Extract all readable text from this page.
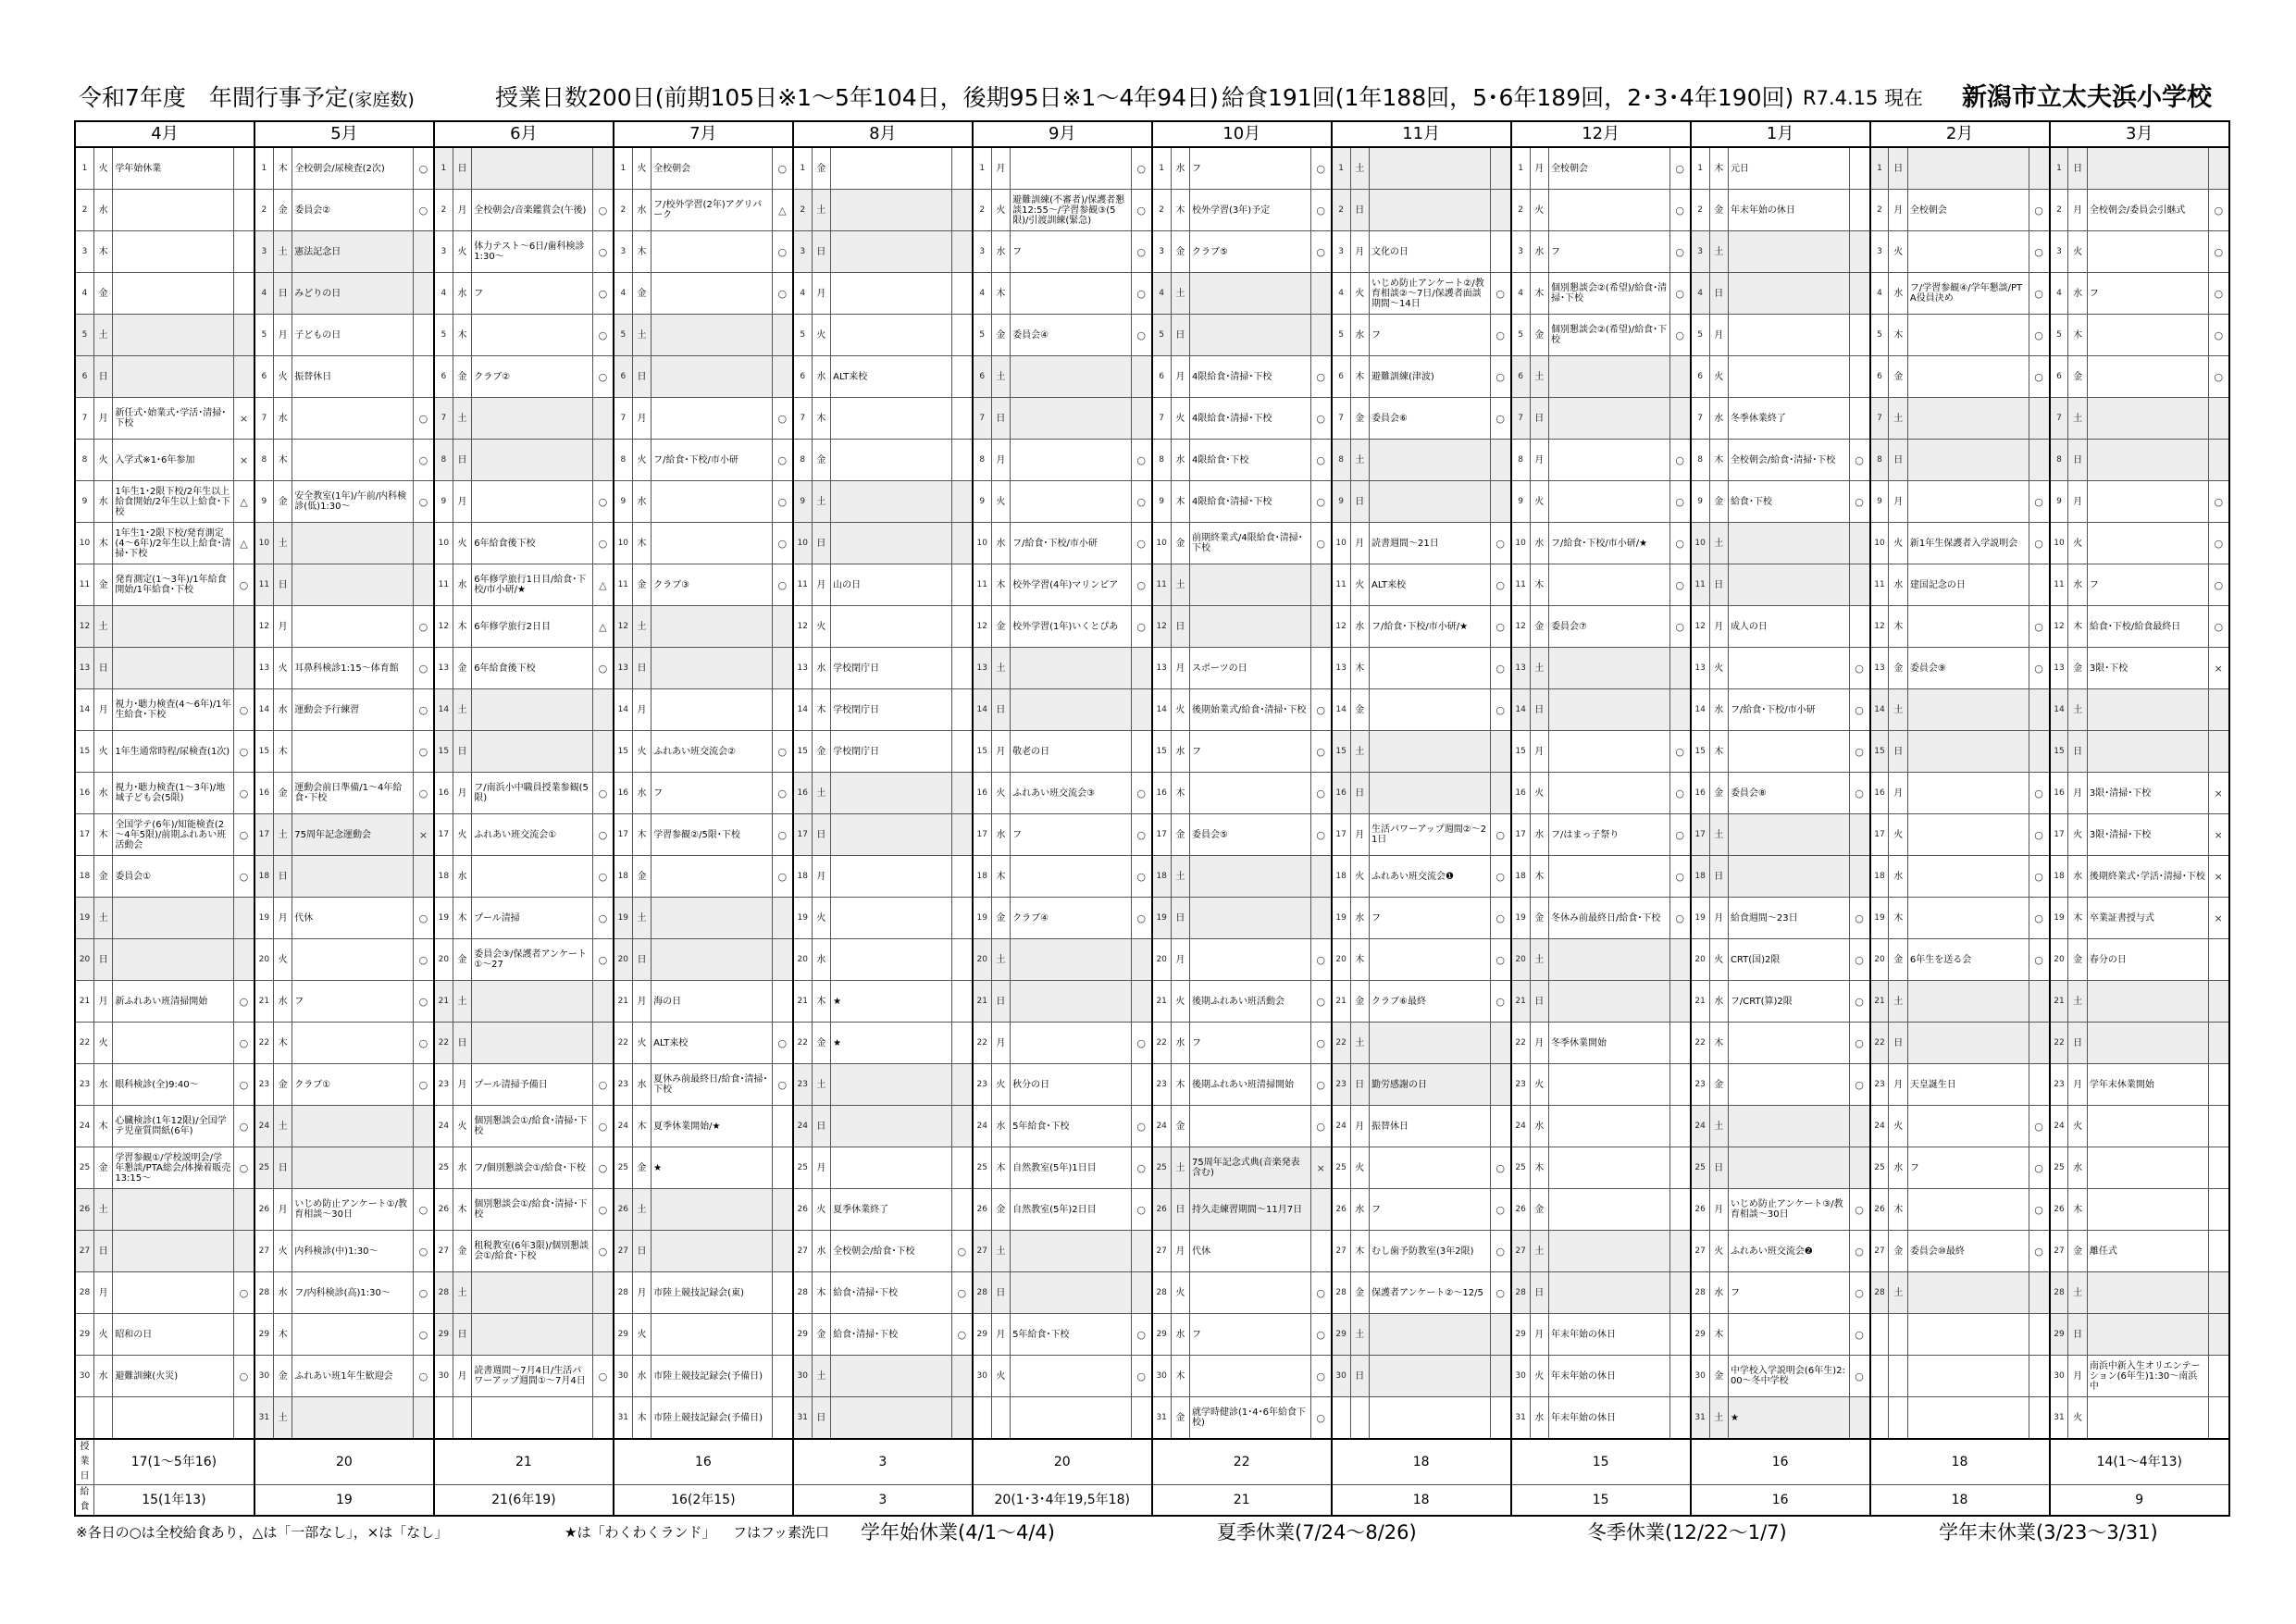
令和7年度　年間行事予定(家庭数)	授業日数200日(前期105日※1～5年104日，後期95日※1～4年94日) 給食191回(1年188回，5･6年189回，2･3･4年190回) R7.4.15 現在 新潟市立太夫浜小学校
4月				5月				6月				7月				8月				9月				10月				11月				12月				1月				2月				3月			
1	火	学年始休業		1	木	全校朝会/尿検査(2次)	○	1	日			1	火	全校朝会	○	1	金			1	月		○	1	水	フ	○	1	土			1	月	全校朝会	○	1	木	元日		1	日			1	日		
2	水			2	金	委員会②	○	2	月	全校朝会/音楽鑑賞会(午後)	○	2	水	フ/校外学習(2年)アグリパーク	△	2	土			2	火	避難訓練(不審者)/保護者懇談12:55～/学習参観③(5限)/引渡訓練(緊急)	○	2	木	校外学習(3年)予定	○	2	日			2	火		○	2	金	年末年始の休日		2	月	全校朝会	○	2	月	全校朝会/委員会引継式	○
3	木			3	土	憲法記念日		3	火	体力テスト～6日/歯科検診1:30～	○	3	木		○	3	日			3	水	フ	○	3	金	クラブ⑤	○	3	月	文化の日		3	水	フ	○	3	土			3	火		○	3	火		○
4	金			4	日	みどりの日		4	水	フ	○	4	金		○	4	月			4	木		○	4	土			4	火	いじめ防止アンケート②/教育相談②～7日/保護者面談期間～14日	○	4	木	個別懇談会②(希望)/給食･清掃･下校	○	4	日			4	水	フ/学習参観④/学年懇談/PTA役員決め	○	4	水	フ	○
5	土			5	月	子どもの日		5	木		○	5	土			5	火			5	金	委員会④	○	5	日			5	水	フ	○	5	金	個別懇談会②(希望)/給食･下校	○	5	月			5	木		○	5	木		○
6	日			6	火	振替休日		6	金	クラブ②	○	6	日			6	水	ALT来校		6	土			6	月	4限給食･清掃･下校	○	6	木	避難訓練(津波)	○	6	土			6	火			6	金		○	6	金		○
7	月	新任式･始業式･学活･清掃･下校	×	7	水		○	7	土			7	月		○	7	木			7	日			7	火	4限給食･清掃･下校	○	7	金	委員会⑥	○	7	日			7	水	冬季休業終了		7	土			7	土		
8	火	入学式※1･6年参加	×	8	木		○	8	日			8	火	フ/給食･下校/市小研	○	8	金			8	月		○	8	水	4限給食･下校	○	8	土			8	月		○	8	木	全校朝会/給食･清掃･下校	○	8	日			8	日		
9	水	1年生1･2限下校/2年生以上給食開始/2年生以上給食･下校	△	9	金	安全教室(1年)/午前/内科検診(低)1:30～	○	9	月		○	9	水		○	9	土			9	火		○	9	木	4限給食･清掃･下校	○	9	日			9	火		○	9	金	給食･下校	○	9	月		○	9	月		○
10	木	1年生1･2限下校/発育測定(4～6年)/2年生以上給食･清掃･下校	△	10	土			10	火	6年給食後下校	○	10	木		○	10	日			10	水	フ/給食･下校/市小研	○	10	金	前期終業式/4限給食･清掃･下校	○	10	月	読書週間～21日	○	10	水	フ/給食･下校/市小研/★	○	10	土			10	火	新1年生保護者入学説明会	○	10	火		○
11	金	発育測定(1～3年)/1年給食開始/1年給食･下校	○	11	日			11	水	6年修学旅行1日目/給食･下校/市小研/★	△	11	金	クラブ③	○	11	月	山の日		11	木	校外学習(4年)マリンピア	○	11	土			11	火	ALT来校	○	11	木		○	11	日			11	水	建国記念の日		11	水	フ	○
12	土			12	月		○	12	木	6年修学旅行2日目	△	12	土			12	火			12	金	校外学習(1年)いくとぴあ	○	12	日			12	水	フ/給食･下校/市小研/★	○	12	金	委員会⑦	○	12	月	成人の日		12	木		○	12	木	給食･下校/給食最終日	○
13	日			13	火	耳鼻科検診1:15～体育館	○	13	金	6年給食後下校	○	13	日			13	水	学校閉庁日		13	土			13	月	スポーツの日		13	木		○	13	土			13	火		○	13	金	委員会⑨	○	13	金	3限･下校	×
14	月	視力･聴力検査(4～6年)/1年生給食･下校	○	14	水	運動会予行練習	○	14	土			14	月			14	木	学校閉庁日		14	日			14	火	後期始業式/給食･清掃･下校	○	14	金		○	14	日			14	水	フ/給食･下校/市小研	○	14	土			14	土		
15	火	1年生通常時程/尿検査(1次)	○	15	木		○	15	日			15	火	ふれあい班交流会②	○	15	金	学校閉庁日		15	月	敬老の日		15	水	フ	○	15	土			15	月		○	15	木		○	15	日			15	日		
16	水	視力･聴力検査(1～3年)/地域子ども会(5限)	○	16	金	運動会前日準備/1～4年給食･下校	○	16	月	フ/南浜小中職員授業参観(5限)	○	16	水	フ	○	16	土			16	火	ふれあい班交流会③	○	16	木		○	16	日			16	火		○	16	金	委員会⑧	○	16	月		○	16	月	3限･清掃･下校	×
17	木	全国学テ(6年)/知能検査(2～4年5限)/前期ふれあい班活動会	○	17	土	75周年記念運動会	×	17	火	ふれあい班交流会①	○	17	木	学習参観②/5限･下校	○	17	日			17	水	フ	○	17	金	委員会⑤	○	17	月	生活パワーアップ週間②～21日	○	17	水	フ/はまっ子祭り	○	17	土			17	火		○	17	火	3限･清掃･下校	×
18	金	委員会①	○	18	日			18	水		○	18	金		○	18	月			18	木		○	18	土			18	火	ふれあい班交流会❶	○	18	木		○	18	日			18	水		○	18	水	後期終業式･学活･清掃･下校	×
19	土			19	月	代休	○	19	木	プール清掃	○	19	土			19	火			19	金	クラブ④	○	19	日			19	水	フ	○	19	金	冬休み前最終日/給食･下校	○	19	月	給食週間～23日	○	19	木		○	19	木	卒業証書授与式	×
20	日			20	火		○	20	金	委員会③/保護者アンケート①～27	○	20	日			20	水			20	土			20	月		○	20	木		○	20	土			20	火	CRT(国)2限	○	20	金	6年生を送る会	○	20	金	春分の日	
21	月	新ふれあい班清掃開始	○	21	水	フ	○	21	土			21	月	海の日		21	木	★		21	日			21	火	後期ふれあい班活動会	○	21	金	クラブ⑥最終	○	21	日			21	水	フ/CRT(算)2限	○	21	土			21	土		
22	火		○	22	木		○	22	日			22	火	ALT来校	○	22	金	★		22	月		○	22	水	フ	○	22	土			22	月	冬季休業開始		22	木		○	22	日			22	日		
23	水	眼科検診(全)9:40～	○	23	金	クラブ①	○	23	月	プール清掃予備日	○	23	水	夏休み前最終日/給食･清掃･下校	○	23	土			23	火	秋分の日		23	木	後期ふれあい班清掃開始	○	23	日	勤労感謝の日		23	火			23	金		○	23	月	天皇誕生日		23	月	学年末休業開始	
24	木	心臓検診(1年12限)/全国学テ児童質問紙(6年)	○	24	土			24	火	個別懇談会①/給食･清掃･下校	○	24	木	夏季休業開始/★		24	日			24	水	5年給食･下校	○	24	金		○	24	月	振替休日		24	水			24	土			24	火		○	24	火		
25	金	学習参観①/学校説明会/学年懇談/PTA総会/体操着販売13:15～	○	25	日			25	水	フ/個別懇談会①/給食･下校	○	25	金	★		25	月			25	木	自然教室(5年)1日目	○	25	土	75周年記念式典(音楽発表含む)	×	25	火		○	25	木			25	日			25	水	フ	○	25	水		
26	土			26	月	いじめ防止アンケート①/教育相談～30日	○	26	木	個別懇談会①/給食･清掃･下校	○	26	土			26	火	夏季休業終了		26	金	自然教室(5年)2日目	○	26	日	持久走練習期間～11月7日		26	水	フ	○	26	金			26	月	いじめ防止アンケート③/教育相談～30日	○	26	木		○	26	木		
27	日			27	火	内科検診(中)1:30～	○	27	金	租税教室(6年3限)/個別懇談会①/給食･下校	○	27	日			27	水	全校朝会/給食･下校	○	27	土			27	月	代休		27	木	むし歯予防教室(3年2限)	○	27	土			27	火	ふれあい班交流会❷	○	27	金	委員会⑩最終	○	27	金	離任式	
28	月		○	28	水	フ/内科検診(高)1:30～	○	28	土			28	月	市陸上競技記録会(東)		28	木	給食･清掃･下校	○	28	日			28	火		○	28	金	保護者アンケート②～12/5	○	28	日			28	水	フ	○	28	土			28	土		
29	火	昭和の日		29	木		○	29	日			29	火			29	金	給食･清掃･下校	○	29	月	5年給食･下校	○	29	水	フ	○	29	土			29	月	年末年始の休日		29	木		○					29	日		
30	水	避難訓練(火災)	○	30	金	ふれあい班1年生歓迎会	○	30	月	読書週間～7月4日/生活パワーアップ週間①～7月4日	○	30	水	市陸上競技記録会(予備日)		30	土			30	火		○	30	木		○	30	日			30	火	年末年始の休日		30	金	中学校入学説明会(6年生)2:00～冬中学校	○					30	月	南浜中新入生オリエンテーション(6年生)1:30～南浜中	
				31	土							31	木	市陸上競技記録会(予備日)		31	日							31	金	就学時健診(1･4･6年給食下校)	○					31	水	年末年始の休日		31	土	★						31	火		
授業日	17(1～5年16)			20				21				16				3				20				22				18				15				16				18				14(1～4年13)			
給食	15(1年13)			19				21(6年19)				16(2年15)				3				20(1･3･4年19,5年18)				21				18				15				16				18				9			
※各日の○は全校給食あり，△は「一部なし」，×は「なし」	★は「わくわくランド」 フはフッ素洗口 学年始休業(4/1～4/4)	夏季休業(7/24～8/26)	冬季休業(12/22～1/7)	学年末休業(3/23～3/31)
